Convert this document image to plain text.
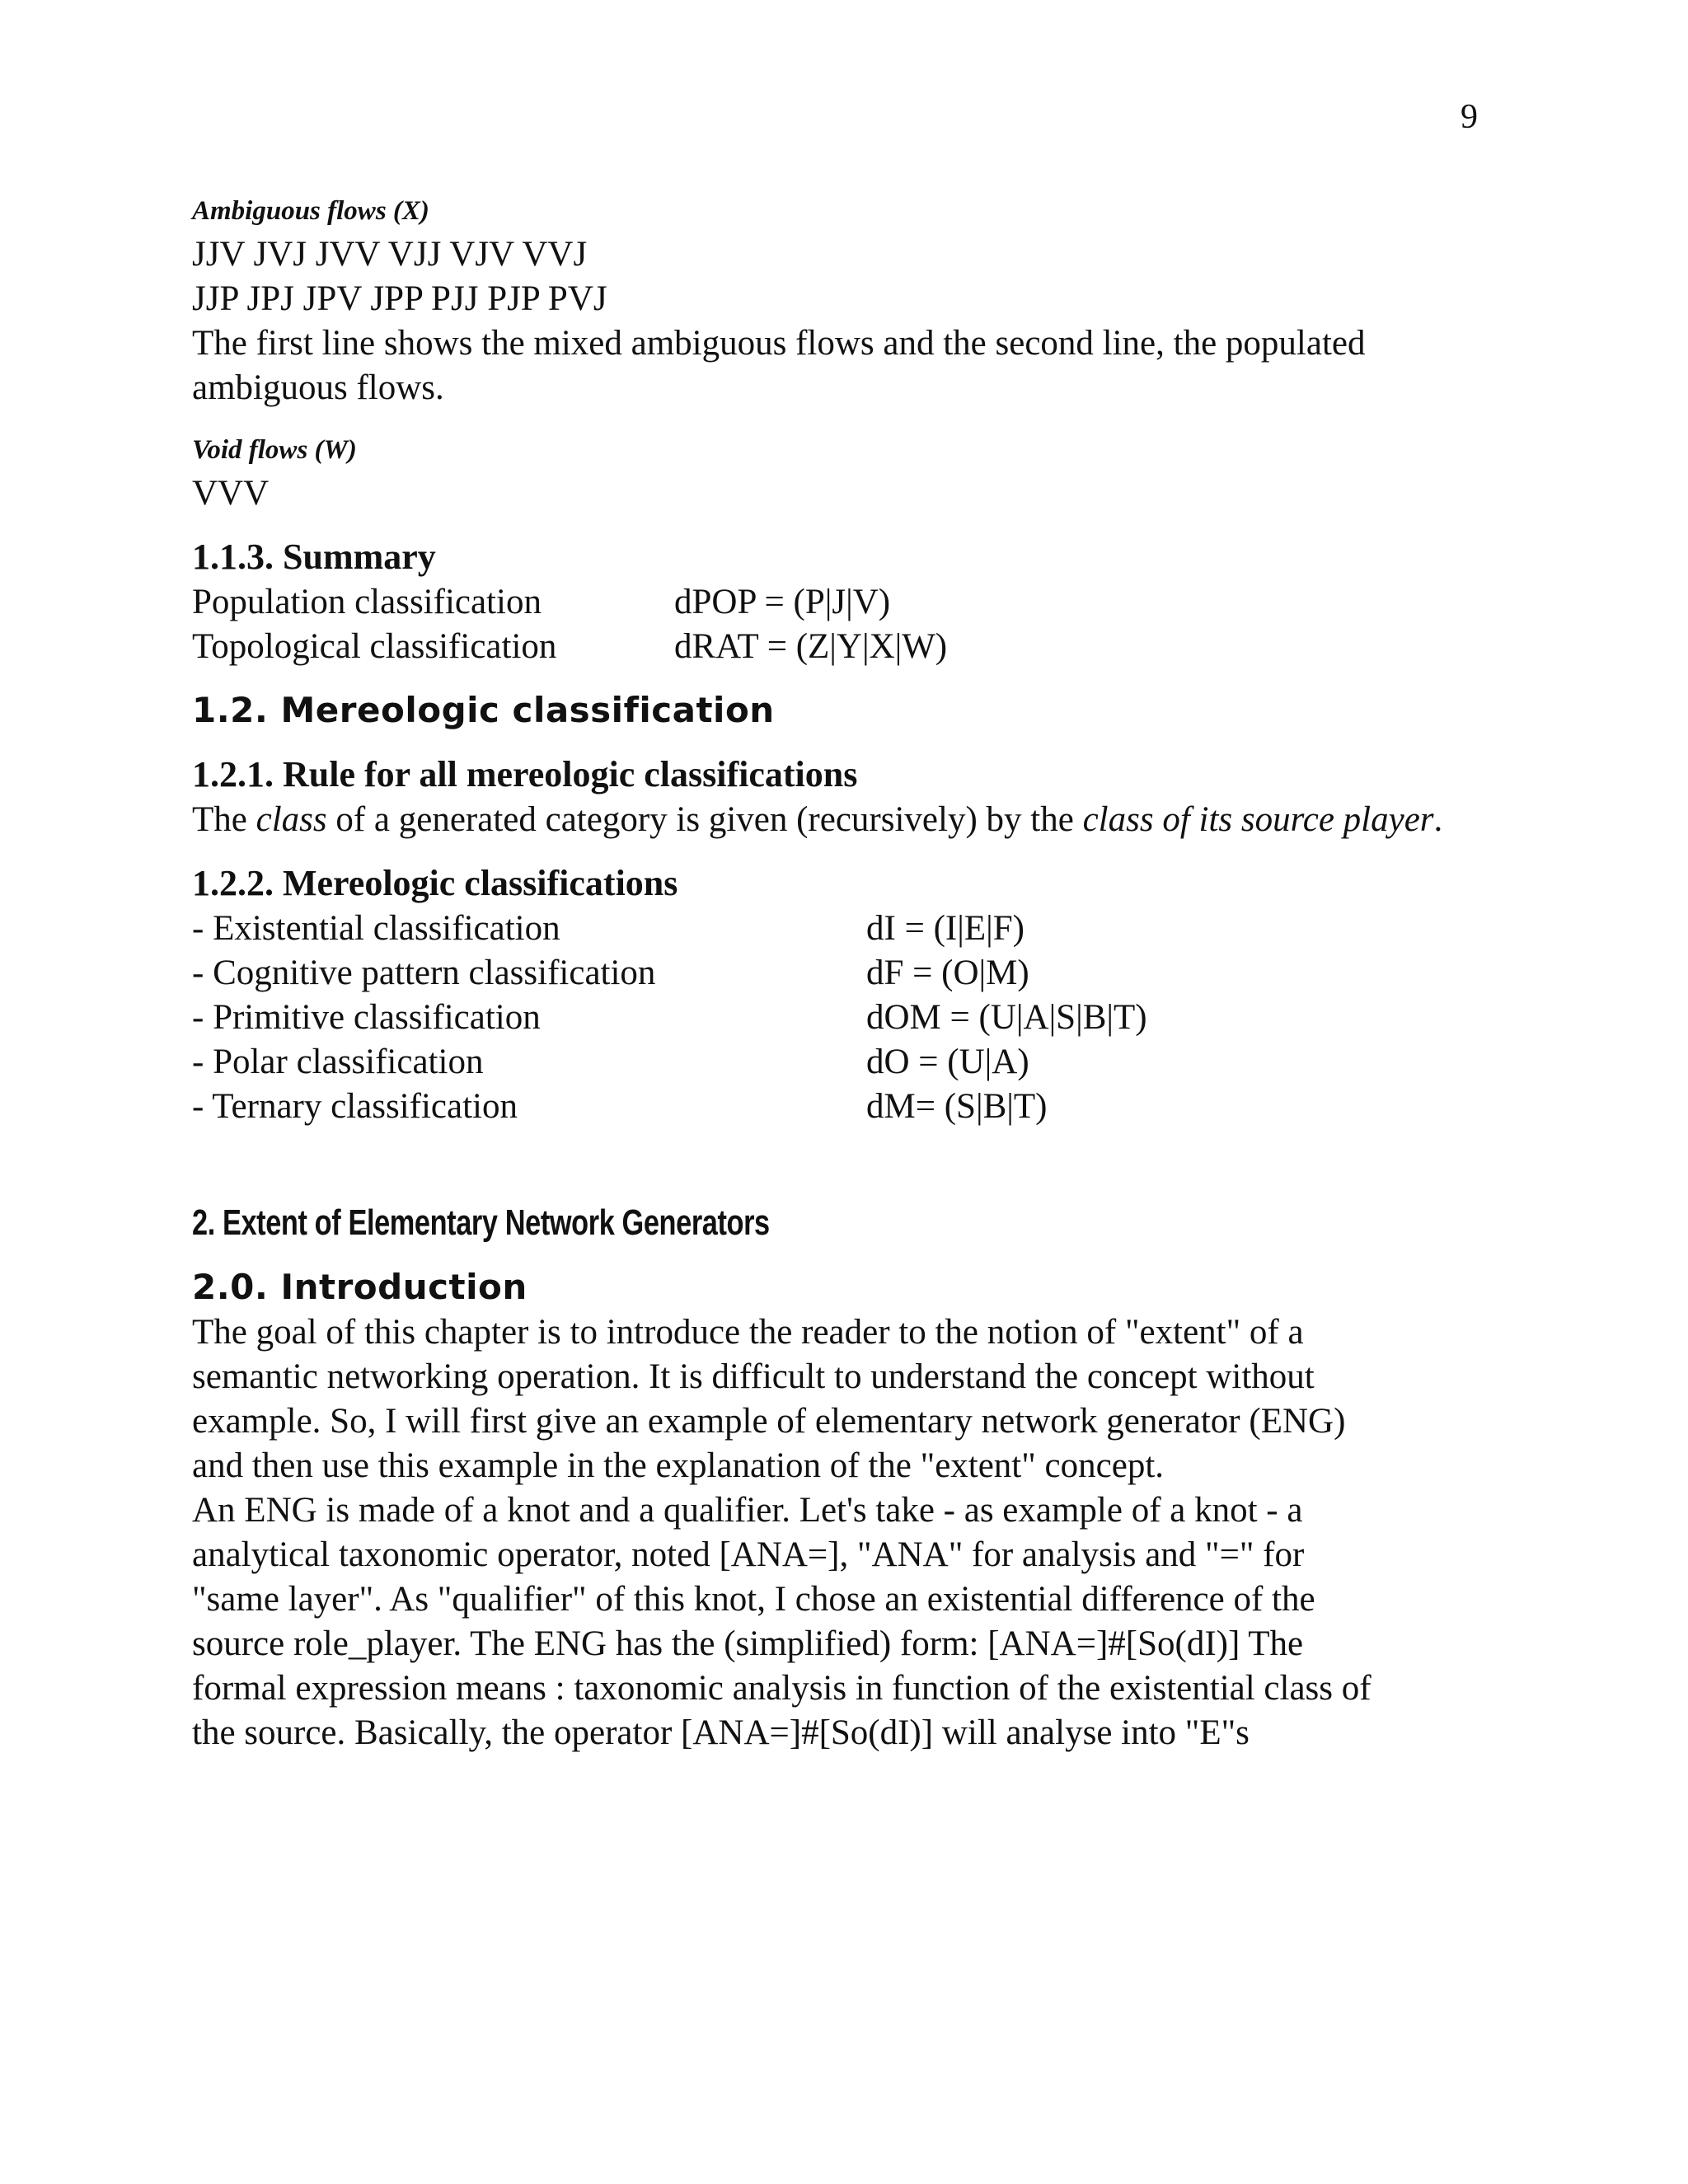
9
Ambiguous flows (X)
JJV JVJ JVV VJJ VJV VVJ
JJP JPJ JPV JPP PJJ PJP PVJ
The first line shows the mixed ambiguous flows and the second line, the populated ambiguous flows.
Void flows (W)
VVV
1.1.3. Summary
Population classification	dPOP = (P|J|V)
Topological classification	dRAT = (Z|Y|X|W)
1.2. Mereologic classification
1.2.1. Rule for all mereologic classifications
The class of a generated category is given (recursively) by the class of its source player.
1.2.2. Mereologic classifications
- Existential classification	dI = (I|E|F)
- Cognitive pattern classification	dF = (O|M)
- Primitive classification	dOM = (U|A|S|B|T)
- Polar classification	dO = (U|A)
- Ternary classification	dM= (S|B|T)
2. Extent of Elementary Network Generators
2.0. Introduction
The goal of this chapter is to introduce the reader to the notion of "extent" of a
semantic networking operation. It is difficult to understand the concept without
example. So, I will first give an example of elementary network generator (ENG)
and then use this example in the explanation of the "extent" concept.
An ENG is made of a knot and a qualifier. Let's take - as example of a knot - a
analytical taxonomic operator, noted [ANA=], "ANA" for analysis and "=" for
"same layer". As "qualifier" of this knot, I chose an existential difference of the
source role_player. The ENG has the (simplified) form: [ANA=]#[So(dI)] The
formal expression means : taxonomic analysis in function of the existential class of
the source. Basically, the operator [ANA=]#[So(dI)] will analyse into "E"s
